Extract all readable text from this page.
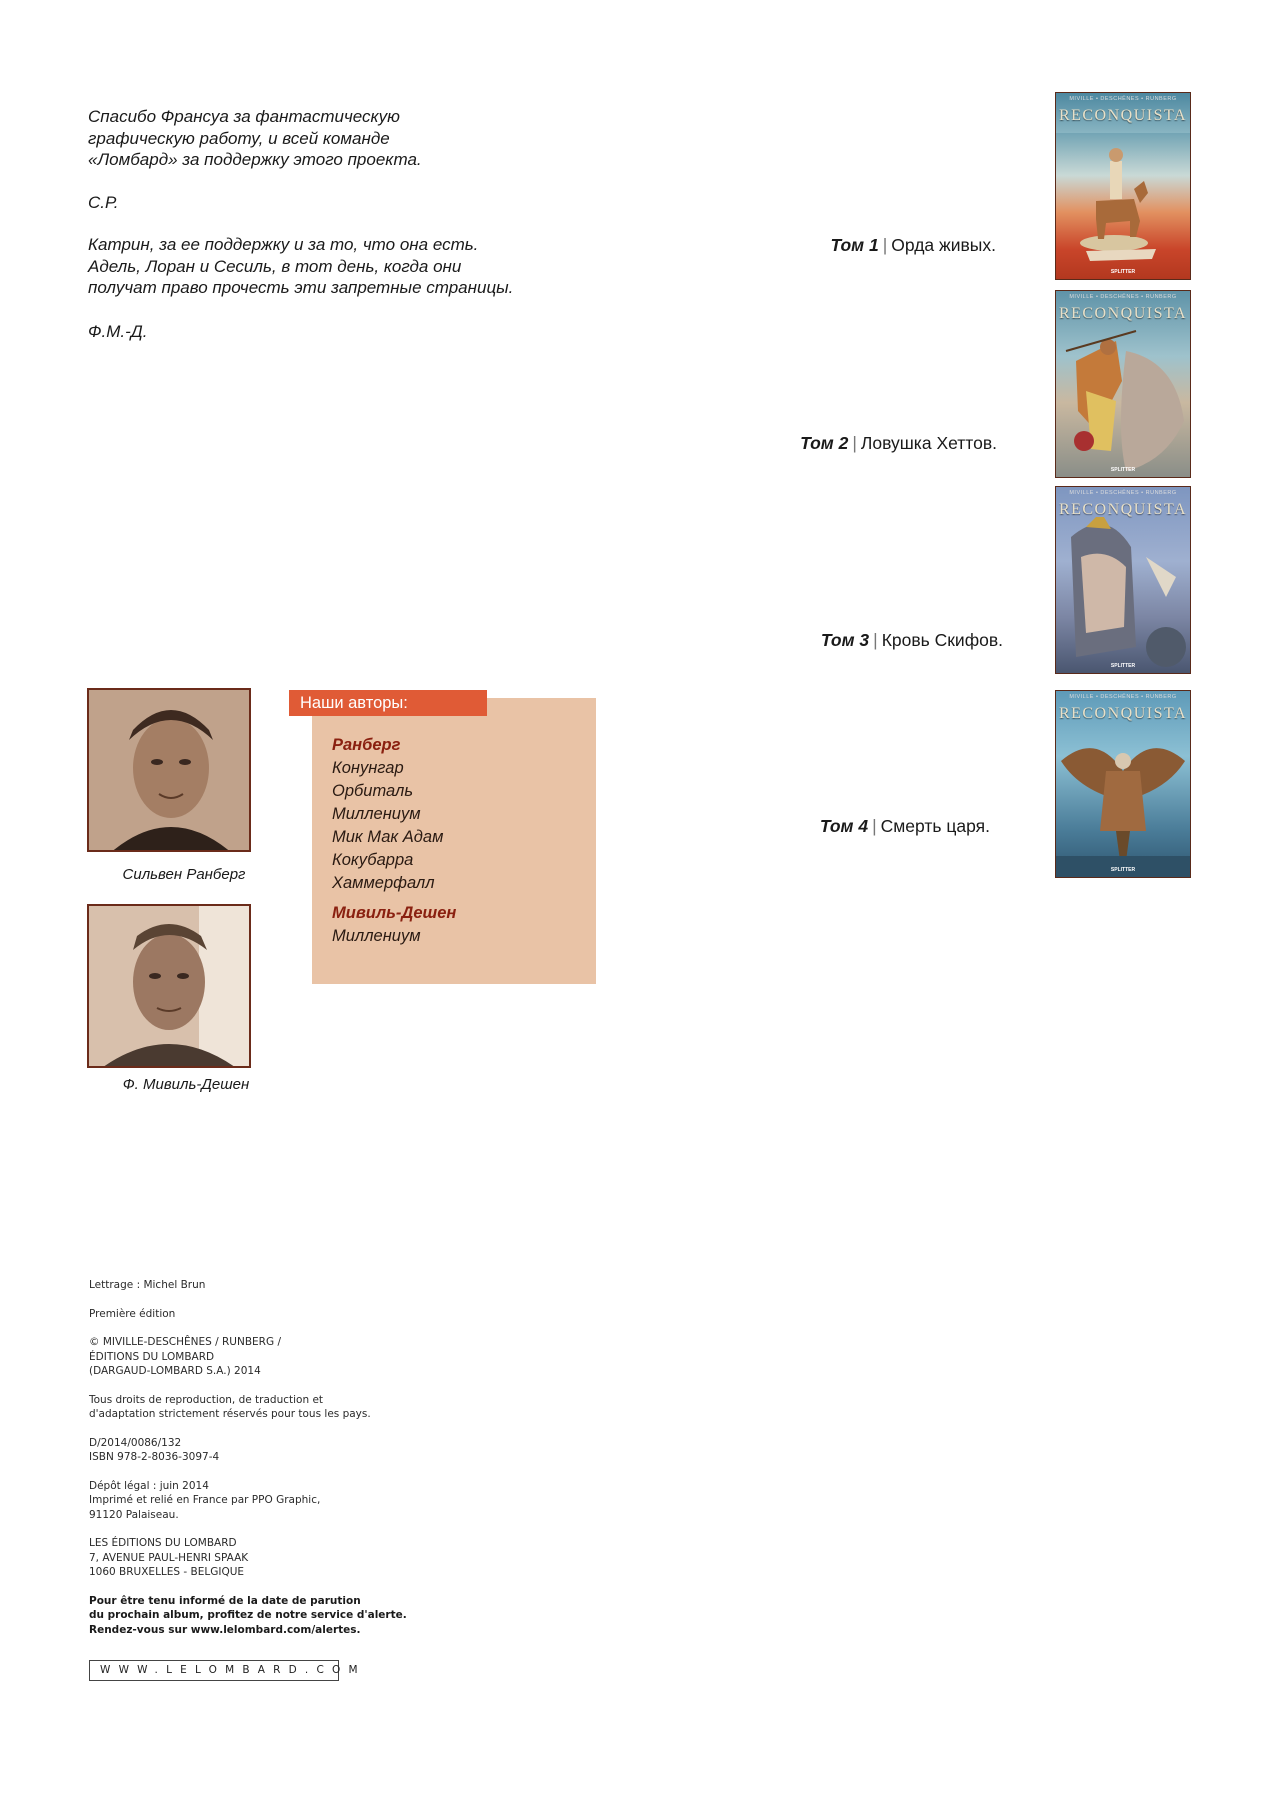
Спасибо Франсуа за фантастическую
графическую работу, и всей команде
«Ломбард» за поддержку этого проекта.

С.Р.

Катрин, за ее поддержку и за то, что она есть.
Адель, Лоран и Сесиль, в тот день, когда они
получат право прочесть эти запретные страницы.

Ф.М.-Д.

Том 1 | Орда живых.
MIVILLE • DESCHÊNES • RUNBERG
RECONQUISTA
SPLITTER
Том 2 | Ловушка Хеттов.
MIVILLE • DESCHÊNES • RUNBERG
RECONQUISTA
SPLITTER
Том 3 | Кровь Скифов.
MIVILLE • DESCHÊNES • RUNBERG
RECONQUISTA
SPLITTER
Том 4 | Смерть царя.
MIVILLE • DESCHÊNES • RUNBERG
RECONQUISTA
SPLITTER
Сильвен Ранберг
Ф. Мивиль-Дешен
Наши авторы:
Ранберг
Конунгар
Орбиталь
Миллениум
Мик Мак Адам
Кокубарра
Хаммерфалл
Мивиль-Дешен
Миллениум

Lettrage : Michel Brun

Première édition

© MIVILLE-DESCHÊNES / RUNBERG /
ÉDITIONS DU LOMBARD
(DARGAUD-LOMBARD S.A.) 2014

Tous droits de reproduction, de traduction et
d'adaptation strictement réservés pour tous les pays.

D/2014/0086/132
ISBN 978-2-8036-3097-4

Dépôt légal : juin 2014
Imprimé et relié en France par PPO Graphic,
91120 Palaiseau.

LES ÉDITIONS DU LOMBARD
7, AVENUE PAUL-HENRI SPAAK
1060 BRUXELLES - BELGIQUE

Pour être tenu informé de la date de parution
du prochain album, profitez de notre service d'alerte.
Rendez-vous sur www.lelombard.com/alertes.

WWW.LELOMBARD.COM
